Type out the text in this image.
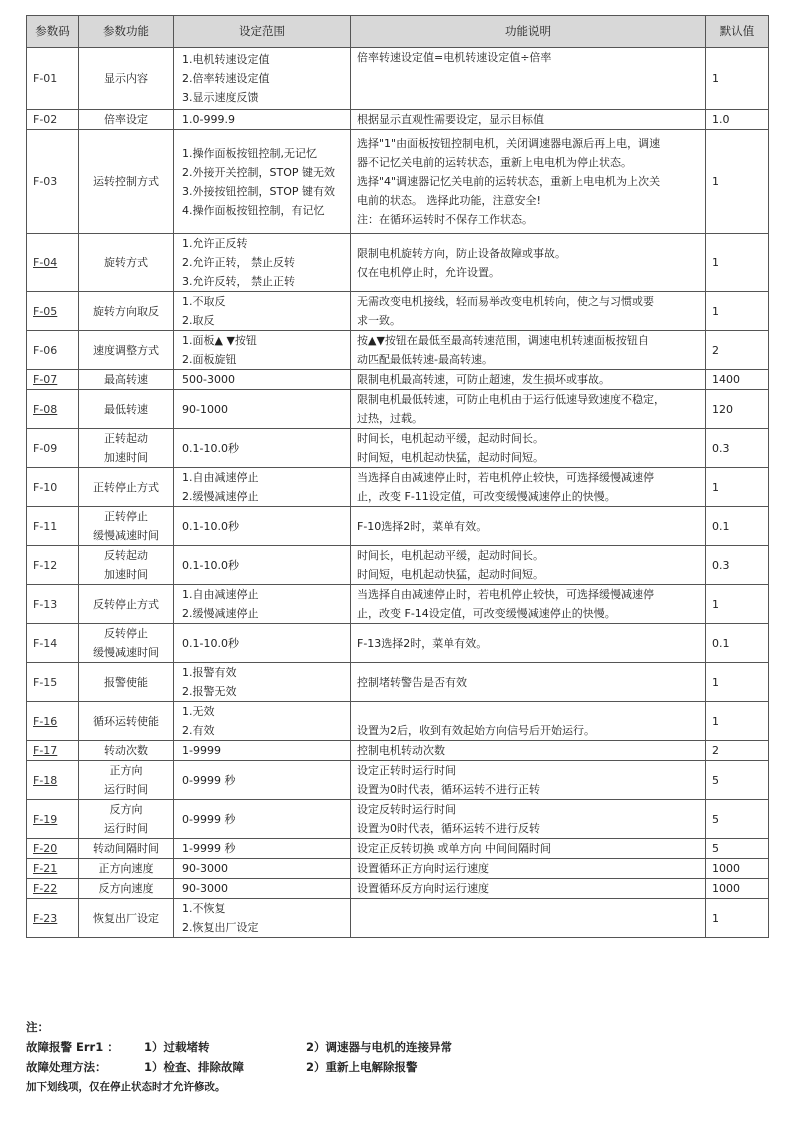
参数码	参数功能	设定范围	功能说明	默认值
F-01	显示内容	1.电机转速设定值
2.倍率转速设定值
3.显示速度反馈	倍率转速设定值=电机转速设定值÷倍率	1
F-02	倍率设定	1.0-999.9	根据显示直观性需要设定，显示目标值	1.0
F-03	运转控制方式	1.操作面板按钮控制,无记忆
2.外接开关控制，STOP 键无效
3.外接按钮控制，STOP 键有效
4.操作面板按钮控制，有记忆	选择"1"由面板按钮控制电机，关闭调速器电源后再上电，调速
器不记忆关电前的运转状态，重新上电电机为停止状态。
选择"4"调速器记忆关电前的运转状态，重新上电电机为上次关
电前的状态。 选择此功能，注意安全!
注：在循环运转时不保存工作状态。	1
F-04	旋转方式	1.允许正反转
2.允许正转， 禁止反转
3.允许反转， 禁止正转	限制电机旋转方向，防止设备故障或事故。
仅在电机停止时，允许设置。	1
F-05	旋转方向取反	1.不取反
2.取反	无需改变电机接线，轻而易举改变电机转向，使之与习惯或要
求一致。	1
F-06	速度调整方式	1.面板▲ ▼按钮
2.面板旋钮	按▲▼按钮在最低至最高转速范围，调速电机转速面板按钮自
动匹配最低转速-最高转速。	2
F-07	最高转速	500-3000	限制电机最高转速，可防止超速，发生损坏或事故。	1400
F-08	最低转速	90-1000	限制电机最低转速，可防止电机由于运行低速导致速度不稳定，
过热，过载。	120
F-09	正转起动
加速时间	0.1-10.0秒	时间长，电机起动平缓，起动时间长。
时间短，电机起动快猛，起动时间短。	0.3
F-10	正转停止方式	1.自由减速停止
2.缓慢减速停止	当选择自由减速停止时，若电机停止较快，可选择缓慢减速停
止，改变 F-11设定值，可改变缓慢减速停止的快慢。	1
F-11	正转停止
缓慢减速时间	0.1-10.0秒	F-10选择2时，菜单有效。	0.1
F-12	反转起动
加速时间	0.1-10.0秒	时间长，电机起动平缓，起动时间长。
时间短，电机起动快猛，起动时间短。	0.3
F-13	反转停止方式	1.自由减速停止
2.缓慢减速停止	当选择自由减速停止时，若电机停止较快，可选择缓慢减速停
止，改变 F-14设定值，可改变缓慢减速停止的快慢。	1
F-14	反转停止
缓慢减速时间	0.1-10.0秒	F-13选择2时，菜单有效。	0.1
F-15	报警使能	1.报警有效
2.报警无效	控制堵转警告是否有效	1
F-16	循环运转使能	1.无效
2.有效	设置为2后，收到有效起始方向信号后开始运行。	1
F-17	转动次数	1-9999	控制电机转动次数	2
F-18	正方向
运行时间	0-9999 秒	设定正转时运行时间
设置为0时代表，循环运转不进行正转	5
F-19	反方向
运行时间	0-9999 秒	设定反转时运行时间
设置为0时代表，循环运转不进行反转	5
F-20	转动间隔时间	1-9999 秒	设定正反转切换 或单方向 中间间隔时间	5
F-21	正方向速度	90-3000	设置循环正方向时运行速度	1000
F-22	反方向速度	90-3000	设置循环反方向时运行速度	1000
F-23	恢复出厂设定	1.不恢复
2.恢复出厂设定		1
注：
故障报警 Err1 ： 1）过载堵转	2）调速器与电机的连接异常
故障处理方法：	1）检查、排除故障	2）重新上电解除报警
加下划线项，仅在停止状态时才允许修改。
